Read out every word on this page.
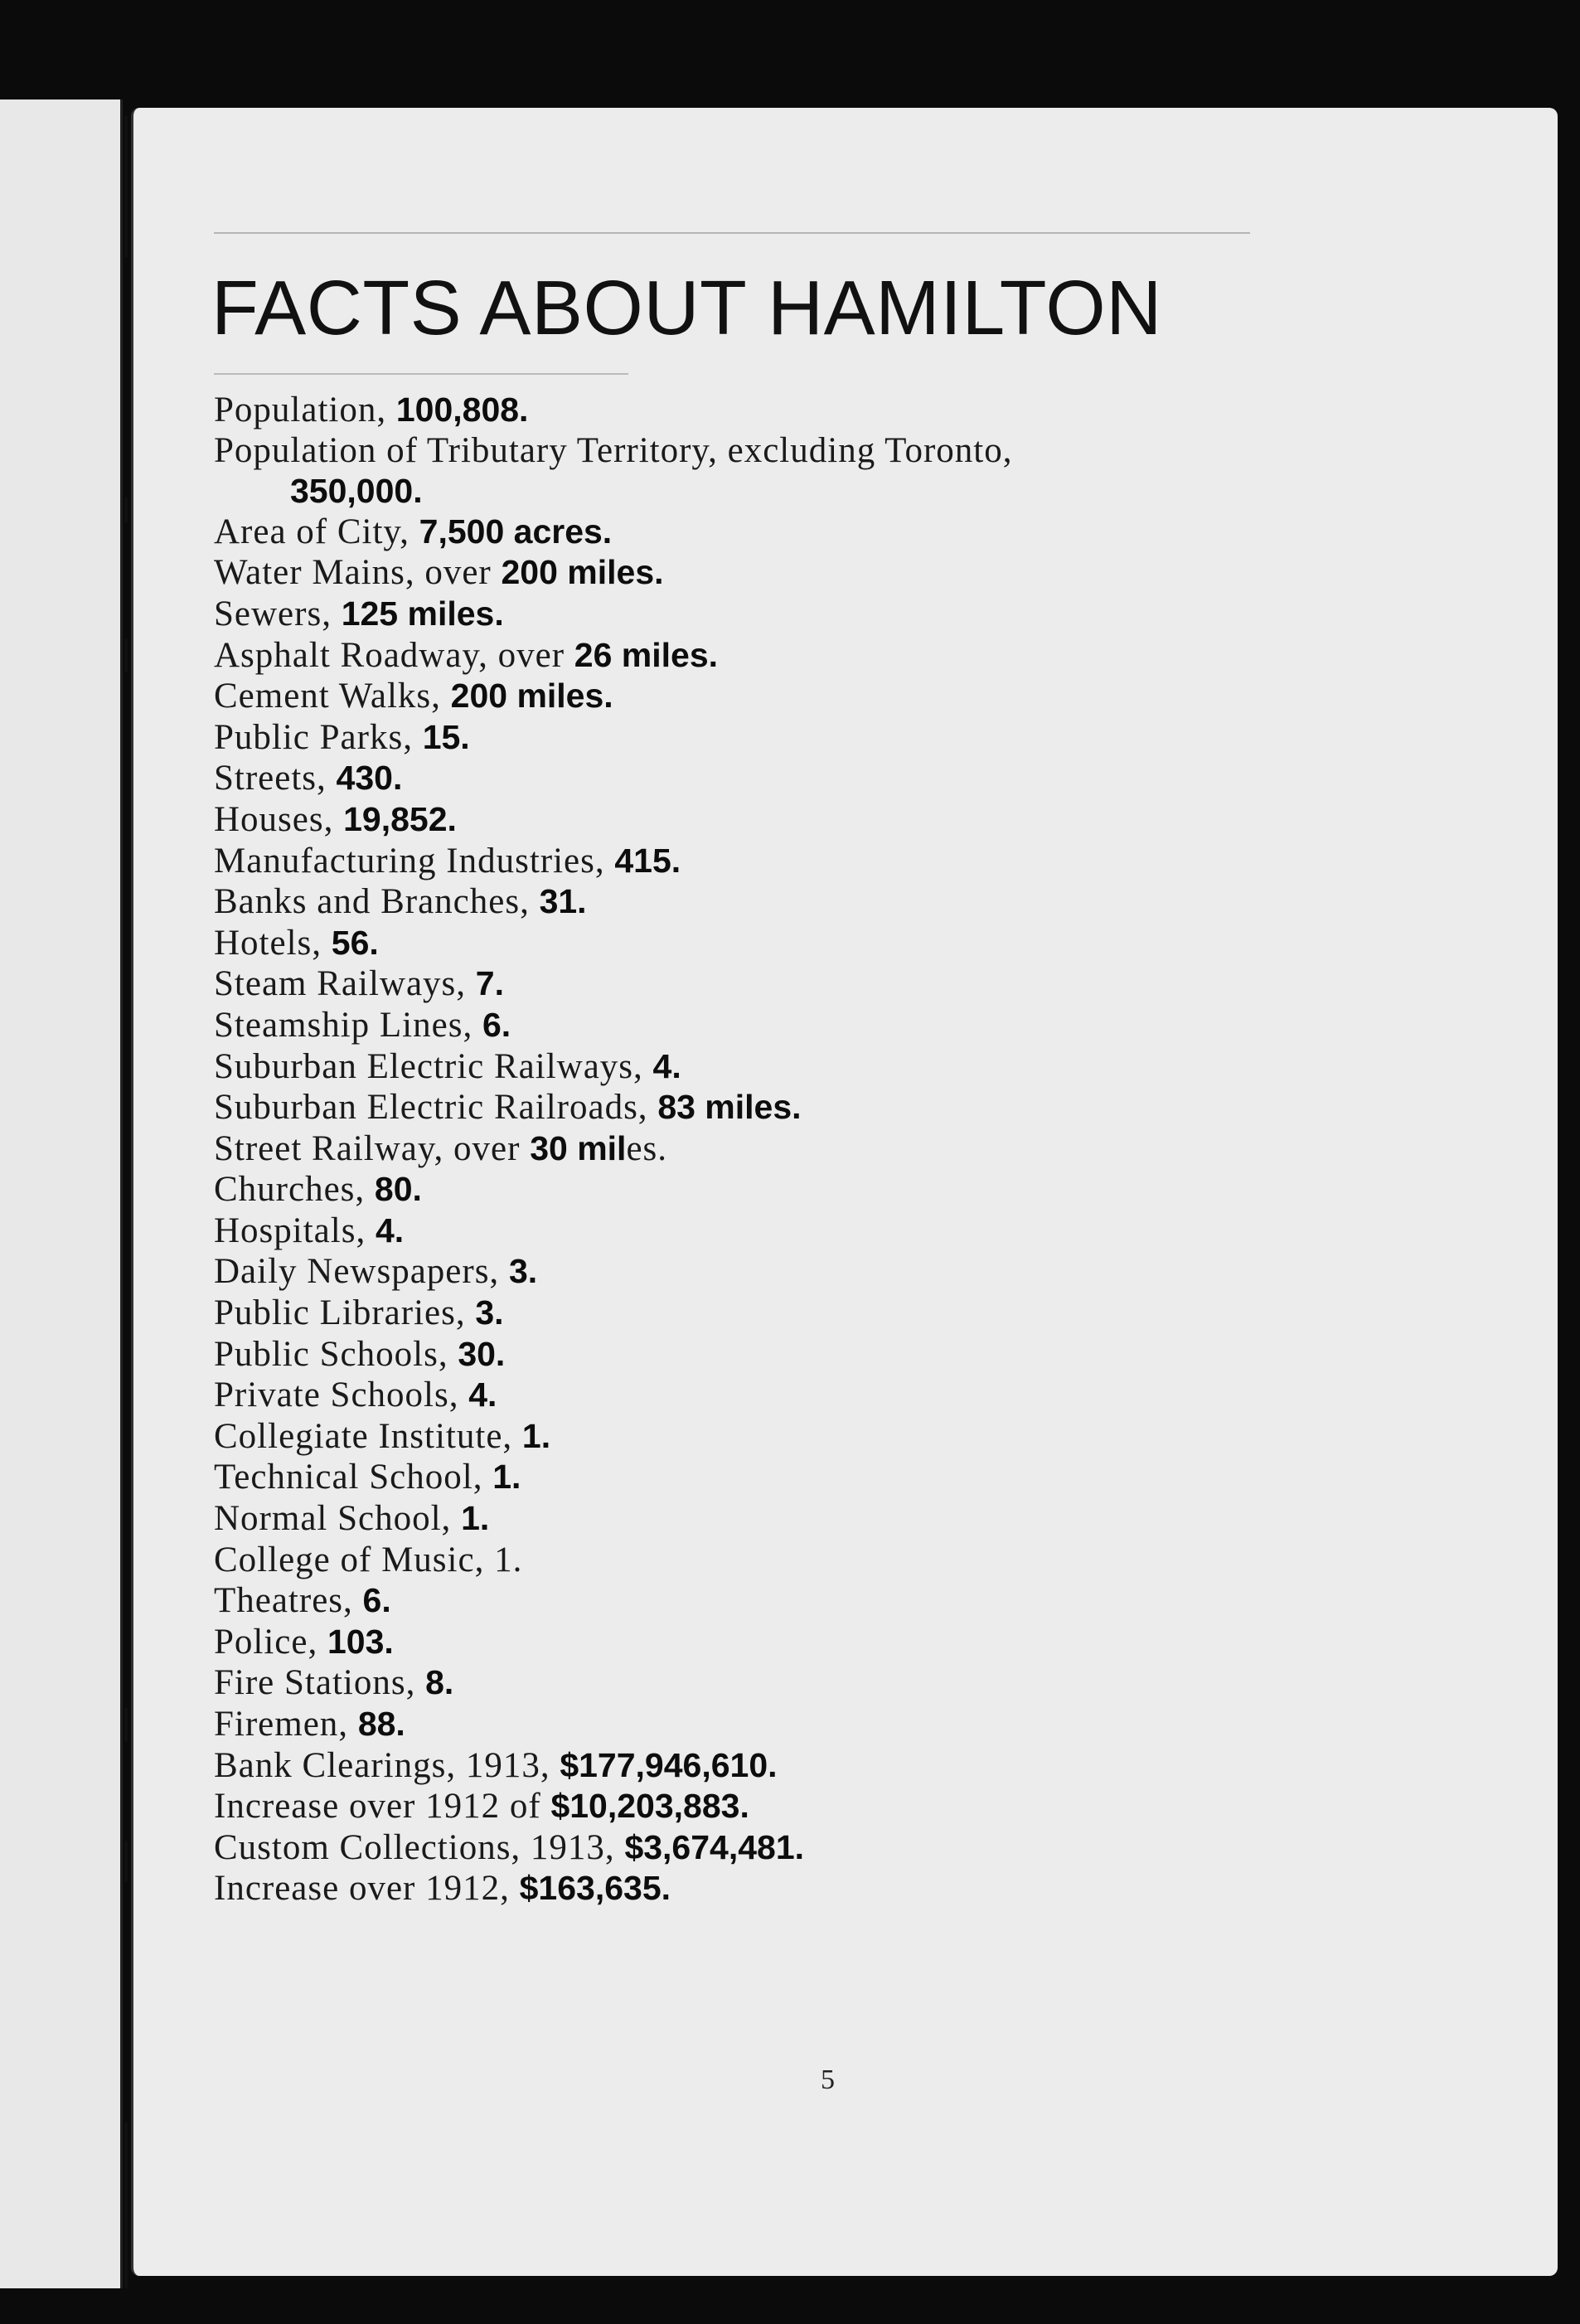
FACTS ABOUT HAMILTON
Population, 100,808.
Population of Tributary Territory, excluding Toronto,
350,000.
Area of City, 7,500 acres.
Water Mains, over 200 miles.
Sewers, 125 miles.
Asphalt Roadway, over 26 miles.
Cement Walks, 200 miles.
Public Parks, 15.
Streets, 430.
Houses, 19,852.
Manufacturing Industries, 415.
Banks and Branches, 31.
Hotels, 56.
Steam Railways, 7.
Steamship Lines, 6.
Suburban Electric Railways, 4.
Suburban Electric Railroads, 83 miles.
Street Railway, over 30 miles.
Churches, 80.
Hospitals, 4.
Daily Newspapers, 3.
Public Libraries, 3.
Public Schools, 30.
Private Schools, 4.
Collegiate Institute, 1.
Technical School, 1.
Normal School, 1.
College of Music, 1.
Theatres, 6.
Police, 103.
Fire Stations, 8.
Firemen, 88.
Bank Clearings, 1913, $177,946,610.
Increase over 1912 of $10,203,883.
Custom Collections, 1913, $3,674,481.
Increase over 1912, $163,635.
5
